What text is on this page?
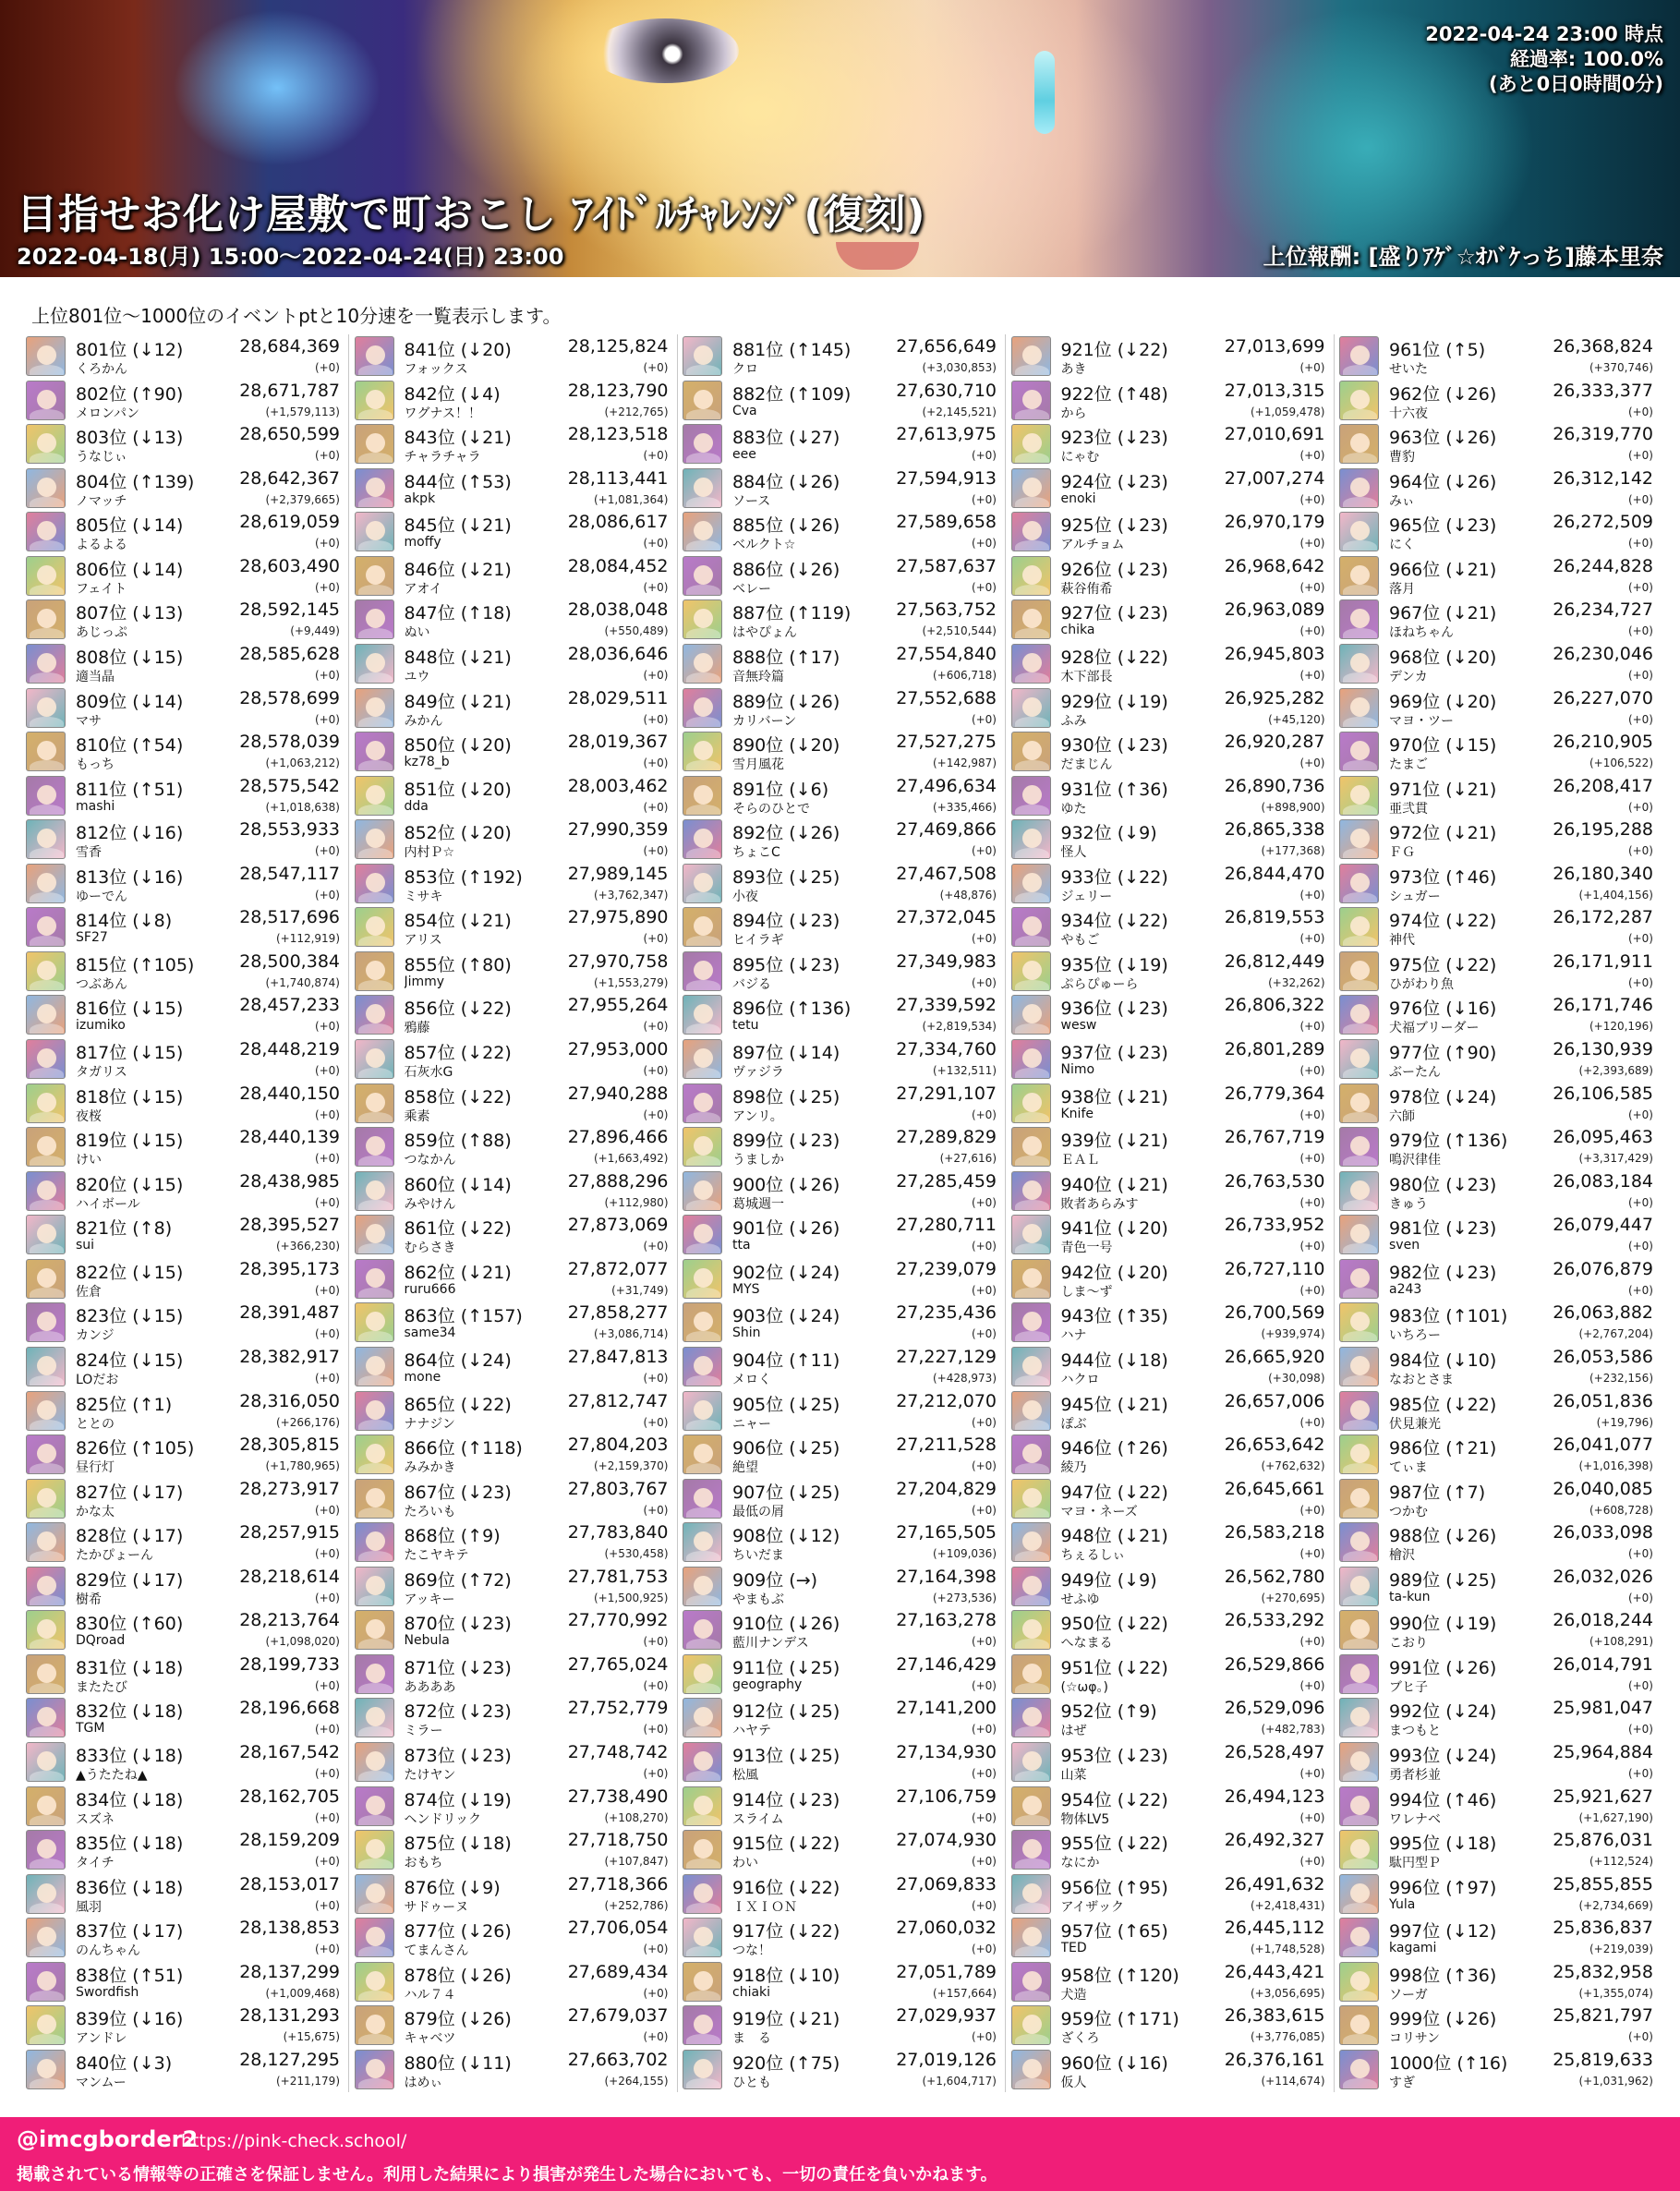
2022-04-24 23:00 時点
経過率: 100.0%
(あと0日0時間0分)
目指せお化け屋敷で町おこし ｱｲﾄﾞﾙﾁｬﾚﾝｼﾞ(復刻)
2022-04-18(月) 15:00～2022-04-24(日) 23:00	上位報酬: [盛りｱｹﾞ☆ｵﾊﾞｹっち]藤本里奈
上位801位～1000位のイベントptと10分速を一覧表示します。
801位 (↓12)
くろかん
28,684,369
(+0)
802位 (↑90)
メロンパン
28,671,787
(+1,579,113)
803位 (↓13)
うなじぃ
28,650,599
(+0)
804位 (↑139)
ノマッチ
28,642,367
(+2,379,665)
805位 (↓14)
よるよる
28,619,059
(+0)
806位 (↓14)
フェイト
28,603,490
(+0)
807位 (↓13)
あじっぷ
28,592,145
(+9,449)
808位 (↓15)
適当晶
28,585,628
(+0)
809位 (↓14)
マサ
28,578,699
(+0)
810位 (↑54)
もっち
28,578,039
(+1,063,212)
811位 (↑51)
mashi
28,575,542
(+1,018,638)
812位 (↓16)
雪香
28,553,933
(+0)
813位 (↓16)
ゆーでん
28,547,117
(+0)
814位 (↓8)
SF27
28,517,696
(+112,919)
815位 (↑105)
つぶあん
28,500,384
(+1,740,874)
816位 (↓15)
izumiko
28,457,233
(+0)
817位 (↓15)
タガリス
28,448,219
(+0)
818位 (↓15)
夜桜
28,440,150
(+0)
819位 (↓15)
けい
28,440,139
(+0)
820位 (↓15)
ハイボール
28,438,985
(+0)
821位 (↑8)
sui
28,395,527
(+366,230)
822位 (↓15)
佐倉
28,395,173
(+0)
823位 (↓15)
カンジ
28,391,487
(+0)
824位 (↓15)
LOだお
28,382,917
(+0)
825位 (↑1)
ととの
28,316,050
(+266,176)
826位 (↑105)
昼行灯
28,305,815
(+1,780,965)
827位 (↓17)
かな太
28,273,917
(+0)
828位 (↓17)
たかぴょーん
28,257,915
(+0)
829位 (↓17)
樹希
28,218,614
(+0)
830位 (↑60)
DQroad
28,213,764
(+1,098,020)
831位 (↓18)
またたび
28,199,733
(+0)
832位 (↓18)
TGM
28,196,668
(+0)
833位 (↓18)
▲うたたね▲
28,167,542
(+0)
834位 (↓18)
スズネ
28,162,705
(+0)
835位 (↓18)
タイチ
28,159,209
(+0)
836位 (↓18)
風羽
28,153,017
(+0)
837位 (↓17)
のんちゃん
28,138,853
(+0)
838位 (↑51)
Swordfish
28,137,299
(+1,009,468)
839位 (↓16)
アンドレ
28,131,293
(+15,675)
840位 (↓3)
マンムー
28,127,295
(+211,179)
841位 (↓20)
フォックス
28,125,824
(+0)
842位 (↓4)
ワグナス！！
28,123,790
(+212,765)
843位 (↓21)
チャラチャラ
28,123,518
(+0)
844位 (↑53)
akpk
28,113,441
(+1,081,364)
845位 (↓21)
moffy
28,086,617
(+0)
846位 (↓21)
アオイ
28,084,452
(+0)
847位 (↑18)
ぬい
28,038,048
(+550,489)
848位 (↓21)
ユウ
28,036,646
(+0)
849位 (↓21)
みかん
28,029,511
(+0)
850位 (↓20)
kz78_b
28,019,367
(+0)
851位 (↓20)
dda
28,003,462
(+0)
852位 (↓20)
内村Ｐ☆
27,990,359
(+0)
853位 (↑192)
ミサキ
27,989,145
(+3,762,347)
854位 (↓21)
アリス
27,975,890
(+0)
855位 (↑80)
Jimmy
27,970,758
(+1,553,279)
856位 (↓22)
鴉藤
27,955,264
(+0)
857位 (↓22)
石灰水G
27,953,000
(+0)
858位 (↓22)
乘素
27,940,288
(+0)
859位 (↑88)
つなかん
27,896,466
(+1,663,492)
860位 (↓14)
みやけん
27,888,296
(+112,980)
861位 (↓22)
むらさき
27,873,069
(+0)
862位 (↓21)
ruru666
27,872,077
(+31,749)
863位 (↑157)
same34
27,858,277
(+3,086,714)
864位 (↓24)
mone
27,847,813
(+0)
865位 (↓22)
ナナジン
27,812,747
(+0)
866位 (↑118)
みみかき
27,804,203
(+2,159,370)
867位 (↓23)
たろいも
27,803,767
(+0)
868位 (↑9)
たこヤキテ
27,783,840
(+530,458)
869位 (↑72)
アッキー
27,781,753
(+1,500,925)
870位 (↓23)
Nebula
27,770,992
(+0)
871位 (↓23)
ああああ
27,765,024
(+0)
872位 (↓23)
ミラー
27,752,779
(+0)
873位 (↓23)
たけヤン
27,748,742
(+0)
874位 (↓19)
ヘンドリック
27,738,490
(+108,270)
875位 (↓18)
おもち
27,718,750
(+107,847)
876位 (↓9)
サドゥーヌ
27,718,366
(+252,786)
877位 (↓26)
てまんさん
27,706,054
(+0)
878位 (↓26)
ハル７４
27,689,434
(+0)
879位 (↓26)
キャベツ
27,679,037
(+0)
880位 (↓11)
はめぃ
27,663,702
(+264,155)
881位 (↑145)
クロ
27,656,649
(+3,030,853)
882位 (↑109)
Cva
27,630,710
(+2,145,521)
883位 (↓27)
eee
27,613,975
(+0)
884位 (↓26)
ソース
27,594,913
(+0)
885位 (↓26)
ベルクト☆
27,589,658
(+0)
886位 (↓26)
ベレー
27,587,637
(+0)
887位 (↑119)
はやぴょん
27,563,752
(+2,510,544)
888位 (↑17)
音無玲篇
27,554,840
(+606,718)
889位 (↓26)
カリバーン
27,552,688
(+0)
890位 (↓20)
雪月風花
27,527,275
(+142,987)
891位 (↓6)
そらのひとで
27,496,634
(+335,466)
892位 (↓26)
ちょこC
27,469,866
(+0)
893位 (↓25)
小夜
27,467,508
(+48,876)
894位 (↓23)
ヒイラギ
27,372,045
(+0)
895位 (↓23)
バジる
27,349,983
(+0)
896位 (↑136)
tetu
27,339,592
(+2,819,534)
897位 (↓14)
ヴァジラ
27,334,760
(+132,511)
898位 (↓25)
アンリ。
27,291,107
(+0)
899位 (↓23)
うましか
27,289,829
(+27,616)
900位 (↓26)
葛城週一
27,285,459
(+0)
901位 (↓26)
tta
27,280,711
(+0)
902位 (↓24)
MYS
27,239,079
(+0)
903位 (↓24)
Shin
27,235,436
(+0)
904位 (↑11)
メロく
27,227,129
(+428,973)
905位 (↓25)
ニャー
27,212,070
(+0)
906位 (↓25)
絶望
27,211,528
(+0)
907位 (↓25)
最低の屑
27,204,829
(+0)
908位 (↓12)
ちいだま
27,165,505
(+109,036)
909位 (→)
やまもぶ
27,164,398
(+273,536)
910位 (↓26)
藍川ナンデス
27,163,278
(+0)
911位 (↓25)
geography
27,146,429
(+0)
912位 (↓25)
ハヤテ
27,141,200
(+0)
913位 (↓25)
松風
27,134,930
(+0)
914位 (↓23)
スライム
27,106,759
(+0)
915位 (↓22)
わい
27,074,930
(+0)
916位 (↓22)
ＩＸＩＯＮ
27,069,833
(+0)
917位 (↓22)
つな！
27,060,032
(+0)
918位 (↓10)
chiaki
27,051,789
(+157,664)
919位 (↓21)
ま　る
27,029,937
(+0)
920位 (↑75)
ひとも
27,019,126
(+1,604,717)
921位 (↓22)
あき
27,013,699
(+0)
922位 (↑48)
から
27,013,315
(+1,059,478)
923位 (↓23)
にゃむ
27,010,691
(+0)
924位 (↓23)
enoki
27,007,274
(+0)
925位 (↓23)
アルチョム
26,970,179
(+0)
926位 (↓23)
萩谷侑希
26,968,642
(+0)
927位 (↓23)
chika
26,963,089
(+0)
928位 (↓22)
木下部長
26,945,803
(+0)
929位 (↓19)
ふみ
26,925,282
(+45,120)
930位 (↓23)
だまじん
26,920,287
(+0)
931位 (↑36)
ゆた
26,890,736
(+898,900)
932位 (↓9)
怪人
26,865,338
(+177,368)
933位 (↓22)
ジェリー
26,844,470
(+0)
934位 (↓22)
やもご
26,819,553
(+0)
935位 (↓19)
ぷらぴゅーら
26,812,449
(+32,262)
936位 (↓23)
wesw
26,806,322
(+0)
937位 (↓23)
Nimo
26,801,289
(+0)
938位 (↓21)
Knife
26,779,364
(+0)
939位 (↓21)
ＥＡＬ
26,767,719
(+0)
940位 (↓21)
敗者あらみす
26,763,530
(+0)
941位 (↓20)
青色一号
26,733,952
(+0)
942位 (↓20)
しま～ず
26,727,110
(+0)
943位 (↑35)
ハナ
26,700,569
(+939,974)
944位 (↓18)
ハクロ
26,665,920
(+30,098)
945位 (↓21)
ぽぶ
26,657,006
(+0)
946位 (↑26)
綾乃
26,653,642
(+762,632)
947位 (↓22)
マヨ・ネーズ
26,645,661
(+0)
948位 (↓21)
ちぇるしぃ
26,583,218
(+0)
949位 (↓9)
せふゆ
26,562,780
(+270,695)
950位 (↓22)
へなまる
26,533,292
(+0)
951位 (↓22)
(☆ωφ。)
26,529,866
(+0)
952位 (↑9)
はぜ
26,529,096
(+482,783)
953位 (↓23)
山菜
26,528,497
(+0)
954位 (↓22)
物体LV5
26,494,123
(+0)
955位 (↓22)
なにか
26,492,327
(+0)
956位 (↑95)
アイザック
26,491,632
(+2,418,431)
957位 (↑65)
TED
26,445,112
(+1,748,528)
958位 (↑120)
犬造
26,443,421
(+3,056,695)
959位 (↑171)
ざくろ
26,383,615
(+3,776,085)
960位 (↓16)
仮人
26,376,161
(+114,674)
961位 (↑5)
せいた
26,368,824
(+370,746)
962位 (↓26)
十六夜
26,333,377
(+0)
963位 (↓26)
曹豹
26,319,770
(+0)
964位 (↓26)
みぃ
26,312,142
(+0)
965位 (↓23)
にく
26,272,509
(+0)
966位 (↓21)
落月
26,244,828
(+0)
967位 (↓21)
ほねちゃん
26,234,727
(+0)
968位 (↓20)
デンカ
26,230,046
(+0)
969位 (↓20)
マヨ・ツー
26,227,070
(+0)
970位 (↓15)
たまご
26,210,905
(+106,522)
971位 (↓21)
亜弐貫
26,208,417
(+0)
972位 (↓21)
ＦＧ
26,195,288
(+0)
973位 (↑46)
シュガー
26,180,340
(+1,404,156)
974位 (↓22)
神代
26,172,287
(+0)
975位 (↓22)
ひがわり魚
26,171,911
(+0)
976位 (↓16)
犬福ブリーダー
26,171,746
(+120,196)
977位 (↑90)
ぶーたん
26,130,939
(+2,393,689)
978位 (↓24)
六師
26,106,585
(+0)
979位 (↑136)
鳴沢律佳
26,095,463
(+3,317,429)
980位 (↓23)
きゅう
26,083,184
(+0)
981位 (↓23)
sven
26,079,447
(+0)
982位 (↓23)
a243
26,076,879
(+0)
983位 (↑101)
いちろー
26,063,882
(+2,767,204)
984位 (↓10)
なおとさま
26,053,586
(+232,156)
985位 (↓22)
伏見兼光
26,051,836
(+19,796)
986位 (↑21)
てぃま
26,041,077
(+1,016,398)
987位 (↑7)
つかむ
26,040,085
(+608,728)
988位 (↓26)
檜沢
26,033,098
(+0)
989位 (↓25)
ta-kun
26,032,026
(+0)
990位 (↓19)
こおり
26,018,244
(+108,291)
991位 (↓26)
ブヒ子
26,014,791
(+0)
992位 (↓24)
まつもと
25,981,047
(+0)
993位 (↓24)
勇者杉並
25,964,884
(+0)
994位 (↑46)
ワレナベ
25,921,627
(+1,627,190)
995位 (↓18)
駄円型Ｐ
25,876,031
(+112,524)
996位 (↑97)
Yula
25,855,855
(+2,734,669)
997位 (↓12)
kagami
25,836,837
(+219,039)
998位 (↑36)
ソーガ
25,832,958
(+1,355,074)
999位 (↓26)
コリサン
25,821,797
(+0)
1000位 (↑16)
すぎ
25,819,633
(+1,031,962)
@imcgborder2
https://pink-check.school/
掲載されている情報等の正確さを保証しません。利用した結果により損害が発生した場合においても、一切の責任を負いかねます。
